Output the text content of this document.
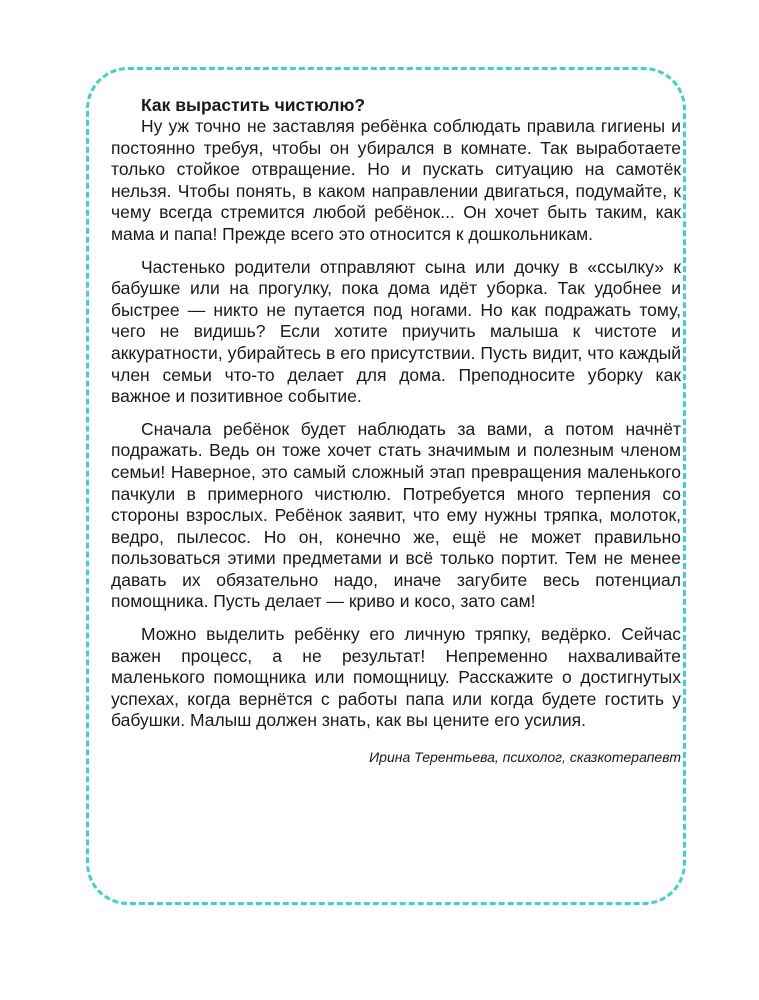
Как вырастить чистюлю?

Ну уж точно не заставляя ребёнка соблюдать правила гигиены и постоянно требуя, чтобы он убирался в комнате. Так выработаете только стойкое отвращение. Но и пускать ситуацию на самотёк нельзя. Чтобы понять, в каком направлении двигаться, подумайте, к чему всегда стремится любой ребёнок... Он хочет быть таким, как мама и папа! Прежде всего это относится к дошкольникам.

Частенько родители отправляют сына или дочку в «ссылку» к бабушке или на прогулку, пока дома идёт уборка. Так удобнее и быстрее — никто не путается под ногами. Но как подражать тому, чего не видишь? Если хотите приучить малыша к чистоте и аккуратности, убирайтесь в его присутствии. Пусть видит, что каждый член семьи что-то делает для дома. Преподносите уборку как важное и позитивное событие.

Сначала ребёнок будет наблюдать за вами, а потом начнёт подражать. Ведь он тоже хочет стать значимым и полезным членом семьи! Наверное, это самый сложный этап превращения маленького пачкули в примерного чистюлю. Потребуется много терпения со стороны взрослых. Ребёнок заявит, что ему нужны тряпка, молоток, ведро, пылесос. Но он, конечно же, ещё не может правильно пользоваться этими предметами и всё только портит. Тем не менее давать их обязательно надо, иначе загубите весь потенциал помощника. Пусть делает — криво и косо, зато сам!

Можно выделить ребёнку его личную тряпку, ведёрко. Сейчас важен процесс, а не результат! Непременно нахваливайте маленького помощника или помощницу. Расскажите о достигнутых успехах, когда вернётся с работы папа или когда будете гостить у бабушки. Малыш должен знать, как вы цените его усилия.

Ирина Терентьева, психолог, сказкотерапевт
